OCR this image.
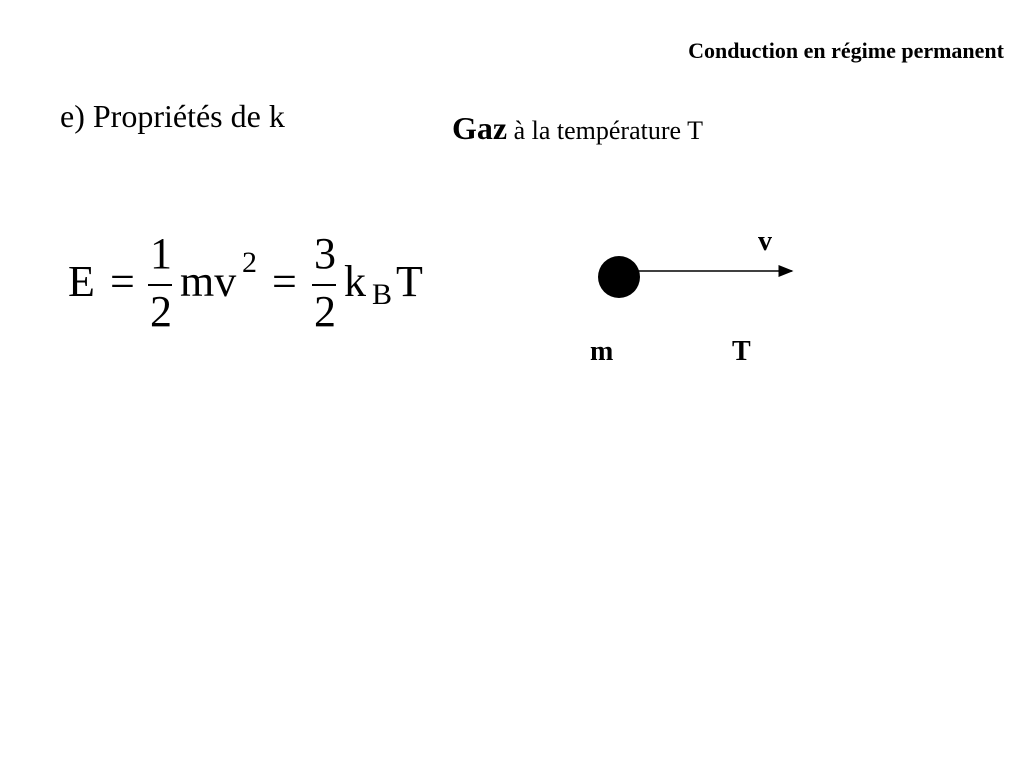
Conduction en régime permanent
e) Propriétés de k	Gaz à la température T
E =
1
2
mv 2 =
3
2
k B T
v
m	T
